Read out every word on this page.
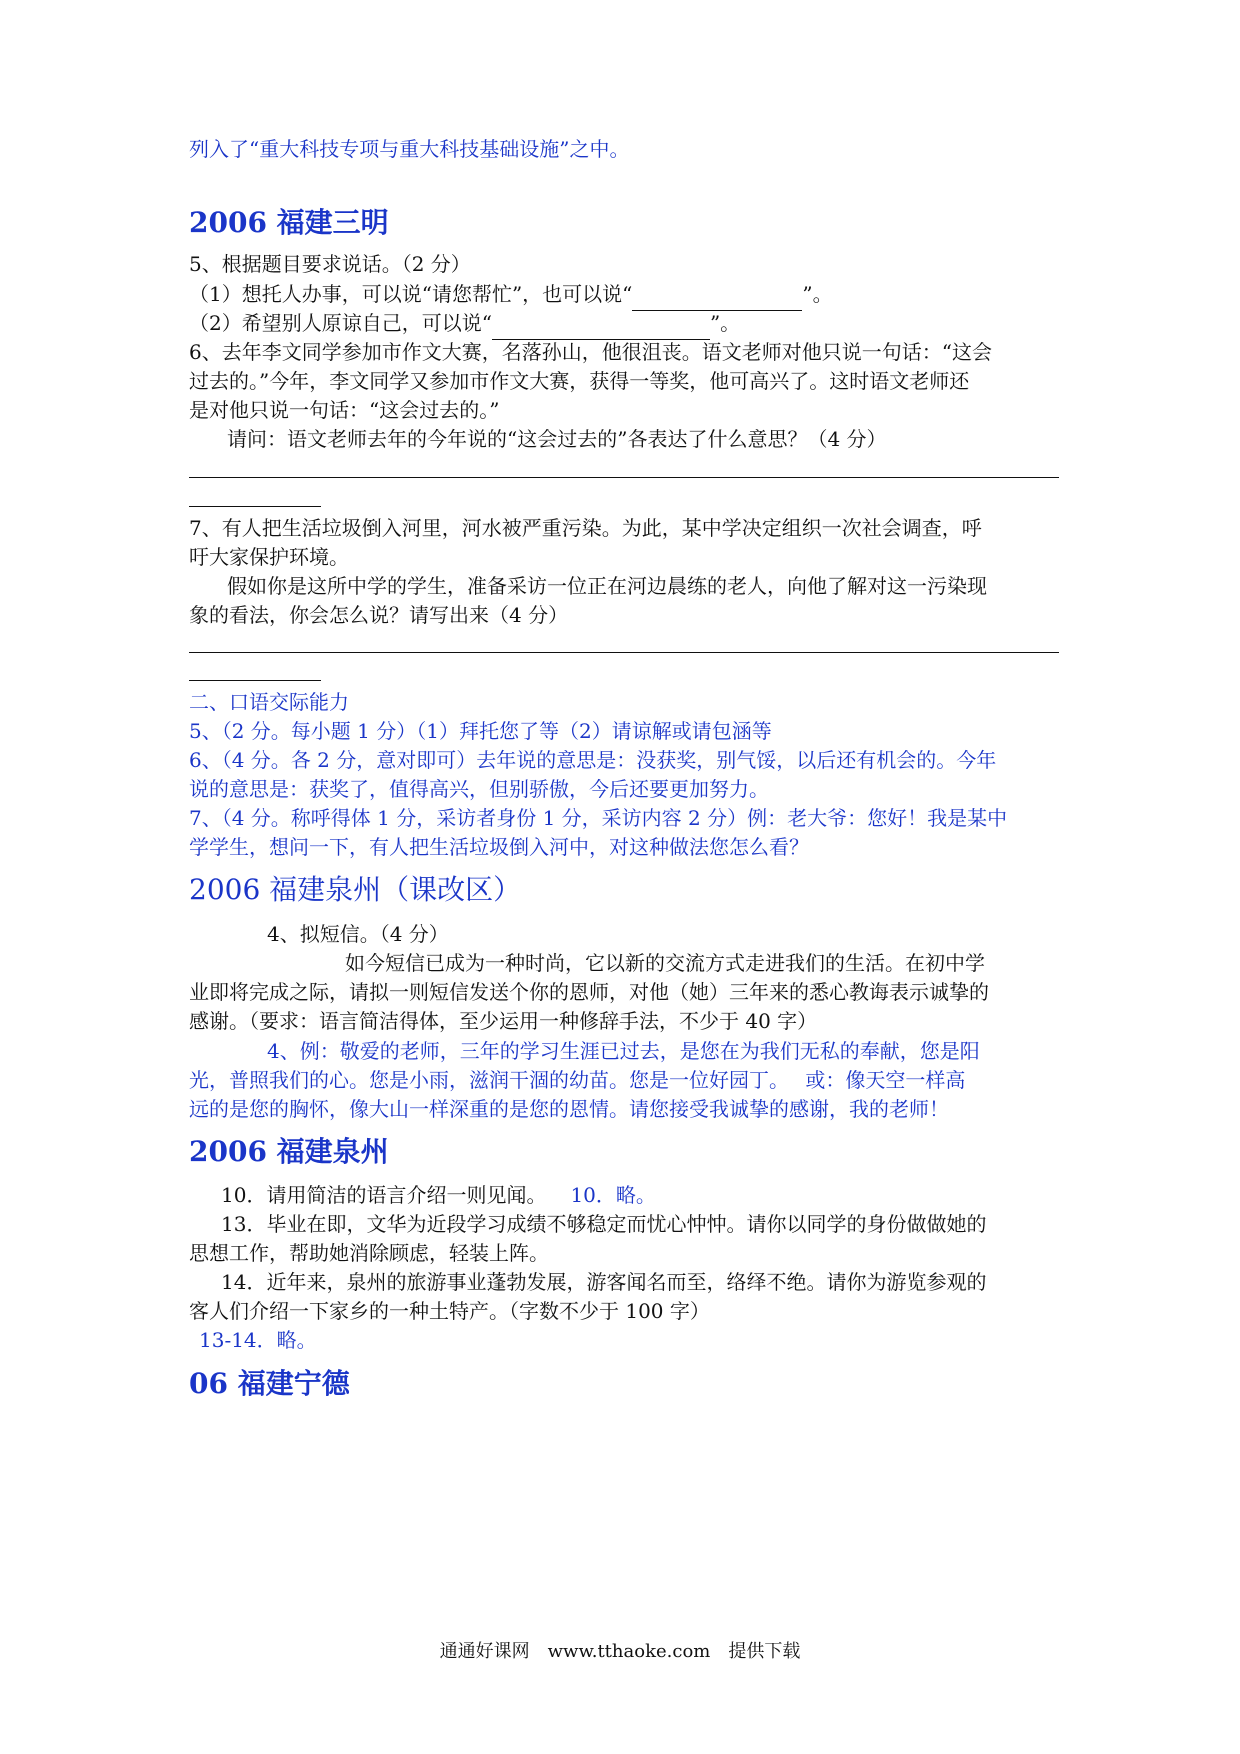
列入了“重大科技专项与重大科技基础设施”之中。
2006 福建三明
5、根据题目要求说话。（2 分）
（1）想托人办事，可以说“请您帮忙”，也可以说“	”。
（2）希望别人原谅自己，可以说“	”。
6、去年李文同学参加市作文大赛，名落孙山，他很沮丧。语文老师对他只说一句话：“这会
过去的。”今年，李文同学又参加市作文大赛，获得一等奖，他可高兴了。这时语文老师还
是对他只说一句话：“这会过去的。”
请问：语文老师去年的今年说的“这会过去的”各表达了什么意思？（4 分）
7、有人把生活垃圾倒入河里，河水被严重污染。为此，某中学决定组织一次社会调查，呼
吁大家保护环境。
假如你是这所中学的学生，准备采访一位正在河边晨练的老人，向他了解对这一污染现
象的看法，你会怎么说？请写出来（4 分）
二、口语交际能力
5、（2 分。每小题 1 分）（1）拜托您了等（2）请谅解或请包涵等
6、（4 分。各 2 分，意对即可）去年说的意思是：没获奖，别气馁，以后还有机会的。今年
说的意思是：获奖了，值得高兴，但别骄傲，今后还要更加努力。
7、（4 分。称呼得体 1 分，采访者身份 1 分，采访内容 2 分）例：老大爷：您好！我是某中
学学生，想问一下，有人把生活垃圾倒入河中，对这种做法您怎么看？
2006 福建泉州（课改区）
4、拟短信。（4 分）
如今短信已成为一种时尚，它以新的交流方式走进我们的生活。在初中学
业即将完成之际，请拟一则短信发送个你的恩师，对他（她）三年来的悉心教诲表示诚挚的
感谢。（要求：语言简洁得体，至少运用一种修辞手法，不少于 40 字）
4、例：敬爱的老师，三年的学习生涯已过去，是您在为我们无私的奉献，您是阳
光，普照我们的心。您是小雨，滋润干涸的幼苗。您是一位好园丁。　 或：像天空一样高
远的是您的胸怀，像大山一样深重的是您的恩情。请您接受我诚挚的感谢，我的老师！
2006 福建泉州
10．请用简洁的语言介绍一则见闻。 10．略。
13．毕业在即，文华为近段学习成绩不够稳定而忧心忡忡。请你以同学的身份做做她的
思想工作，帮助她消除顾虑，轻装上阵。
14．近年来，泉州的旅游事业蓬勃发展，游客闻名而至，络绎不绝。请你为游览参观的
客人们介绍一下家乡的一种土特产。（字数不少于 100 字）
13-14．略。
06 福建宁德
通通好课网　www.tthaoke.com　提供下载
